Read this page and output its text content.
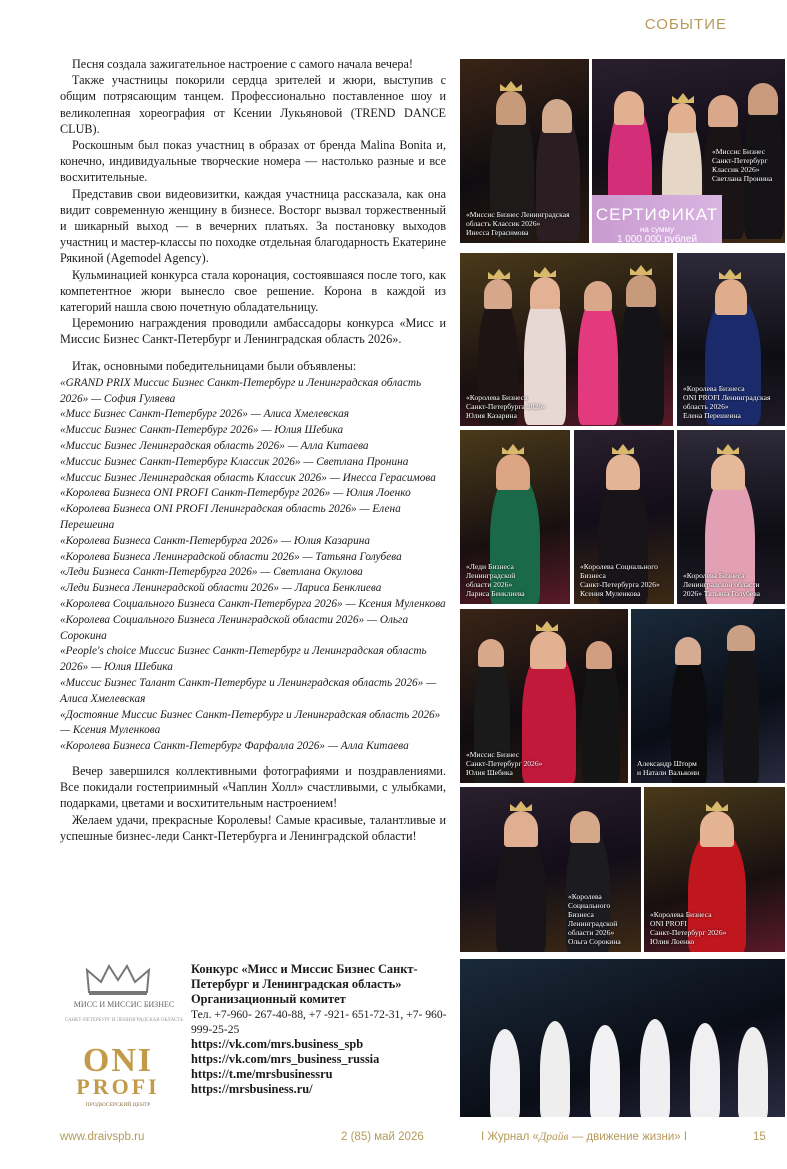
СОБЫТИЕ

Песня создала зажигательное настроение с самого начала вечера!

Также участницы покорили сердца зрителей и жюри, выступив с общим потрясающим танцем. Профессионально поставленное шоу и великолепная хореография от Ксении Лукьяновой (TREND DANCE CLUB).

Роскошным был показ участниц в образах от бренда Malina Bonita и, конечно, индивидуальные творческие номера — настолько разные и все восхитительные.

Представив свои видеовизитки, каждая участница рассказала, как она видит современную женщину в бизнесе. Восторг вызвал торжественный и шикарный выход — в вечерних платьях. За постановку выходов участниц и мастер-классы по походке отдельная благодарность Екатерине Рякиной (Agemodel Agency).

Кульминацией конкурса стала коронация, состоявшаяся после того, как компетентное жюри вынесло свое решение. Корона в каждой из категорий нашла свою почетную обладательницу.

Церемонию награждения проводили амбассадоры конкурса «Мисс и Миссис Бизнес Санкт-Петербург и Ленинградская область 2026».

Итак, основными победительницами были объявлены:

«GRAND PRIX Миссис Бизнес Санкт-Петербург и Ленинградская область 2026» — София Гуляева
«Мисс Бизнес Санкт-Петербург 2026» — Алиса Хмелевская
«Миссис Бизнес Санкт-Петербург 2026» — Юлия Шебика
«Миссис Бизнес Ленинградская область 2026» — Алла Китаева
«Миссис Бизнес Санкт-Петербург Классик 2026» — Светлана Пронина
«Миссис Бизнес Ленинградская область Классик 2026» — Инесса Герасимова
«Королева Бизнеса ONI PROFI Санкт-Петербург 2026» — Юлия Лоенко
«Королева Бизнеса ONI PROFI Ленинградская область 2026» — Елена Перешеина
«Королева Бизнеса Санкт-Петербурга 2026» — Юлия Казарина
«Королева Бизнеса Ленинградской области 2026» — Татьяна Голубева
«Леди Бизнеса Санкт-Петербурга 2026» — Светлана Окулова
«Леди Бизнеса Ленинградской области 2026» — Лариса Бенклиева
«Королева Социального Бизнеса Санкт-Петербурга 2026» — Ксения Муленкова
«Королева Социального Бизнеса Ленинградской области 2026» — Ольга Сорокина
«People's choice Миссис Бизнес Санкт-Петербург и Ленинградская область 2026» — Юлия Шебика
«Миссис Бизнес Талант Санкт-Петербург и Ленинградская область 2026» — Алиса Хмелевская
«Достояние Миссис Бизнес Санкт-Петербург и Ленинградская область 2026» — Ксения Муленкова
«Королева Бизнеса Санкт-Петербург Фарфалла 2026» — Алла Китаева

Вечер завершился коллективными фотографиями и поздравлениями. Все покидали гостеприимный «Чаплин Холл» счастливыми, с улыбками, подарками, цветами и восхитительным настроением!

Желаем удачи, прекрасные Королевы! Самые красивые, талантливые и успешные бизнес-леди Санкт-Петербурга и Ленинградской области!

«Миссис Бизнес Ленинградская
область Классик 2026»
Инесса Герасимова
СЕРТИФИКАТ
на сумму
1 000 000 рублей
«Миссис Бизнес
Санкт-Петербург
Классик 2026»
Светлана Пронина
«Королева Бизнеса
Санкт-Петербурга 2026»
Юлия Казарина
«Королева Бизнеса
ONI PROFI Ленинградская
область 2026»
Елена Перешеина
«Леди Бизнеса
Ленинградской
области 2026»
Лариса Бенклиева
«Королева Социального
Бизнеса
Санкт-Петербурга 2026»
Ксения Муленкова
«Королева Бизнеса
Ленинградской области
2026» Татьяна Голубева
«Миссис Бизнес
Санкт-Петербург 2026»
Юлия Шебика
Александр Шторм
и Натали Валькоин
«Королева
Социального
Бизнеса
Ленинградской
области 2026»
Ольга Сорокина
«Королева Бизнеса
ONI PROFI
Санкт-Петербург 2026»
Юлия Лоенко
МИСС И МИССИС БИЗНЕС
САНКТ-ПЕТЕРБУРГ И ЛЕНИНГРАДСКАЯ ОБЛАСТЬ
ONI
PROFI
ПРОДЮСЕРСКИЙ ЦЕНТР
Конкурс «Мисс и Миссис Бизнес Санкт-Петербург и Ленинградская область»
Организационный комитет
Тел. +7-960- 267-40-88, +7 -921- 651-72-31, +7- 960- 999-25-25
https://vk.com/mrs.business_spb
https://vk.com/mrs_business_russia
https://t.me/mrsbusinessru
https://mrsbusiness.ru/
www.draivspb.ru	2 (85) май 2026	I Журнал «Драйв — движение жизни» I	15
